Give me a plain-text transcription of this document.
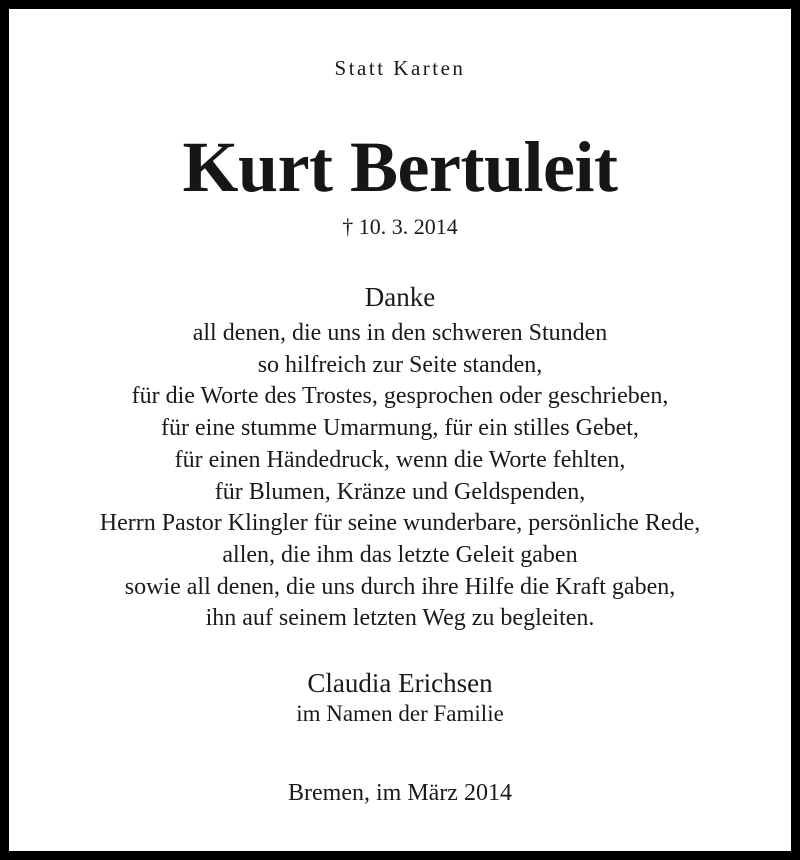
Statt Karten
Kurt Bertuleit
† 10. 3. 2014
Danke
all denen, die uns in den schweren Stunden
so hilfreich zur Seite standen,
für die Worte des Trostes, gesprochen oder geschrieben,
für eine stumme Umarmung, für ein stilles Gebet,
für einen Händedruck, wenn die Worte fehlten,
für Blumen, Kränze und Geldspenden,
Herrn Pastor Klingler für seine wunderbare, persönliche Rede,
allen, die ihm das letzte Geleit gaben
sowie all denen, die uns durch ihre Hilfe die Kraft gaben,
ihn auf seinem letzten Weg zu begleiten.
Claudia Erichsen
im Namen der Familie
Bremen, im März 2014
